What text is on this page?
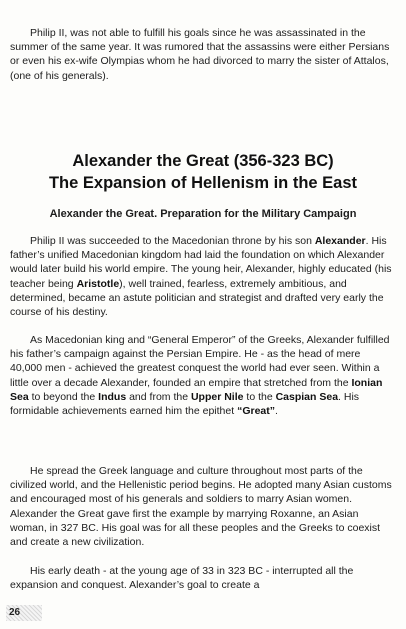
Philip II, was not able to fulfill his goals since he was assassinated in the summer of the same year. It was rumored that the assassins were either Persians or even his ex-wife Olympias whom he had divorced to marry the sister of Attalos, (one of his generals).

Alexander the Great (356-323 BC)
The Expansion of Hellenism in the East
Alexander the Great. Preparation for the Military Campaign

Philip II was succeeded to the Macedonian throne by his son Alexander. His father’s unified Macedonian kingdom had laid the foundation on which Alexander would later build his world empire. The young heir, Alexander, highly educated (his teacher being Aristotle), well trained, fearless, extremely ambitious, and determined, became an astute politician and strategist and drafted very early the course of his destiny.

As Macedonian king and “General Emperor” of the Greeks, Alexander fulfilled his father’s campaign against the Persian Empire. He - as the head of mere 40,000 men - achieved the greatest conquest the world had ever seen. Within a little over a decade Alexander, founded an empire that stretched from the Ionian Sea to beyond the Indus and from the Upper Nile to the Caspian Sea. His formidable achievements earned him the epithet “Great”.

He spread the Greek language and culture throughout most parts of the civilized world, and the Hellenistic period begins. He adopted many Asian customs and encouraged most of his generals and soldiers to marry Asian women. Alexander the Great gave first the example by marrying Roxanne, an Asian woman, in 327 BC. His goal was for all these peoples and the Greeks to coexist and create a new civilization.

His early death - at the young age of 33 in 323 BC - interrupted all the expansion and conquest. Alexander’s goal to create a

26
